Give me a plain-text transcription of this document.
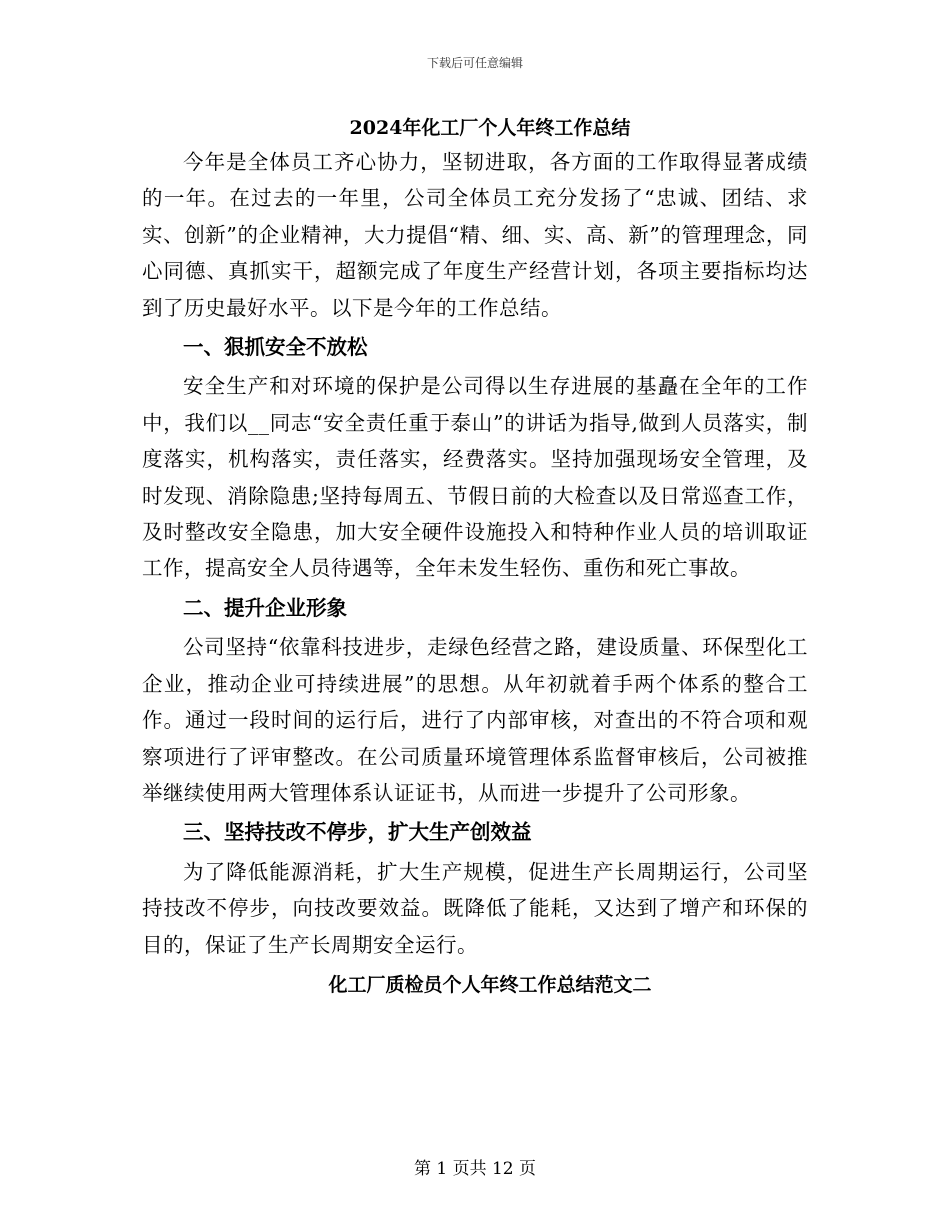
下载后可任意编辑
2024年化工厂个人年终工作总结

今年是全体员工齐心协力，坚韧进取，各方面的工作取得显著成绩的一年。在过去的一年里，公司全体员工充分发扬了“忠诚、团结、求实、创新”的企业精神，大力提倡“精、细、实、高、新”的管理理念，同心同德、真抓实干，超额完成了年度生产经营计划，各项主要指标均达到了历史最好水平。以下是今年的工作总结。

一、狠抓安全不放松

安全生产和对环境的保护是公司得以生存进展的基矗在全年的工作中，我们以__同志“安全责任重于泰山”的讲话为指导,做到人员落实，制度落实，机构落实，责任落实，经费落实。坚持加强现场安全管理，及时发现、消除隐患;坚持每周五、节假日前的大检查以及日常巡查工作，及时整改安全隐患，加大安全硬件设施投入和特种作业人员的培训取证工作，提高安全人员待遇等，全年未发生轻伤、重伤和死亡事故。

二、提升企业形象

公司坚持“依靠科技进步，走绿色经营之路，建设质量、环保型化工企业，推动企业可持续进展”的思想。从年初就着手两个体系的整合工作。通过一段时间的运行后，进行了内部审核，对查出的不符合项和观察项进行了评审整改。在公司质量环境管理体系监督审核后，公司被推举继续使用两大管理体系认证证书，从而进一步提升了公司形象。

三、坚持技改不停步，扩大生产创效益

为了降低能源消耗，扩大生产规模，促进生产长周期运行，公司坚持技改不停步，向技改要效益。既降低了能耗，又达到了增产和环保的目的，保证了生产长周期安全运行。

化工厂质检员个人年终工作总结范文二
第 1 页共 12 页
